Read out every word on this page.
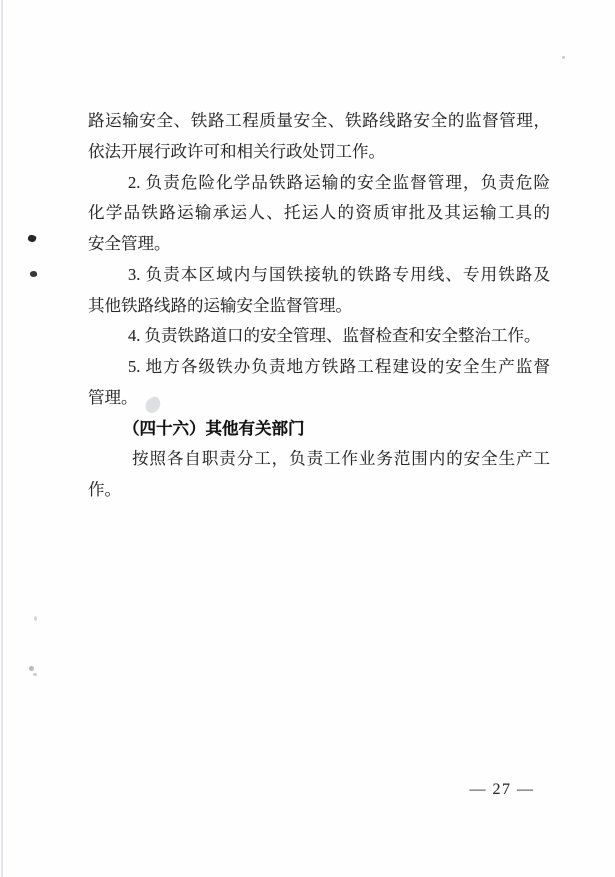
路运输安全、铁路工程质量安全、铁路线路安全的监督管理，
依法开展行政许可和相关行政处罚工作。
2. 负责危险化学品铁路运输的安全监督管理，负责危险
化学品铁路运输承运人、托运人的资质审批及其运输工具的
安全管理。
3. 负责本区域内与国铁接轨的铁路专用线、专用铁路及
其他铁路线路的运输安全监督管理。
4. 负责铁路道口的安全管理、监督检查和安全整治工作。
5. 地方各级铁办负责地方铁路工程建设的安全生产监督
管理。
（四十六）其他有关部门
按照各自职责分工，负责工作业务范围内的安全生产工
作。
— 27 —
